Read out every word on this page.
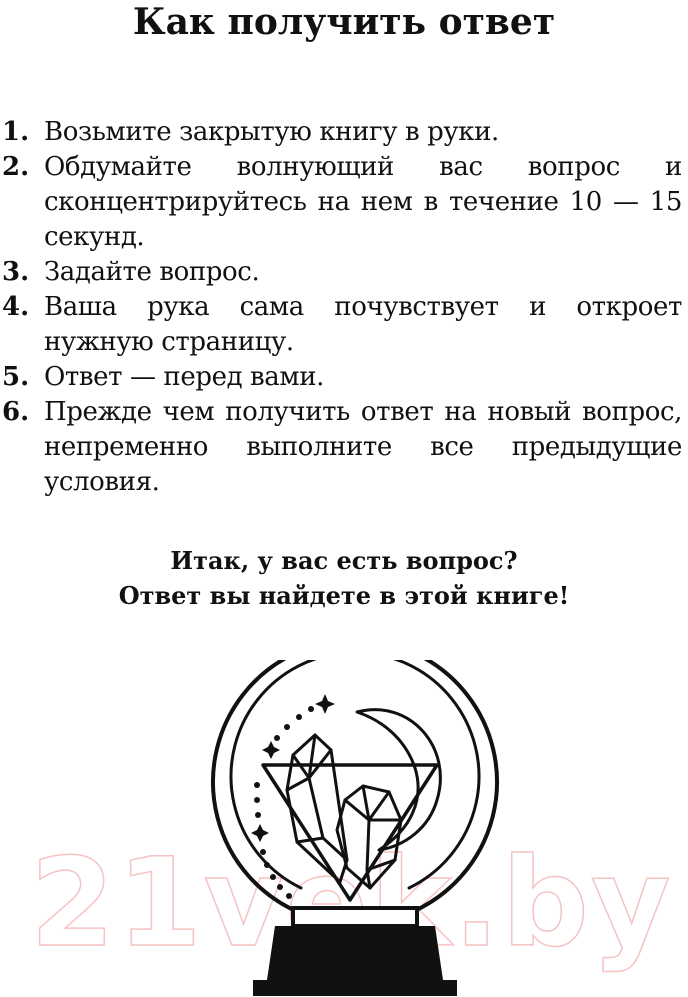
Как получить ответ
1. Возьмите закрытую книгу в руки.
2. Обдумайте волнующий вас вопрос и сконцентрируйтесь на нем в течение 10 — 15 секунд.
3. Задайте вопрос.
4. Ваша рука сама почувствует и откроет нужную страницу.
5. Ответ — перед вами.
6. Прежде чем получить ответ на новый вопрос, непременно выполните все предыдущие условия.
Итак, у вас есть вопрос?
Ответ вы найдете в этой книге!
21vek.by
